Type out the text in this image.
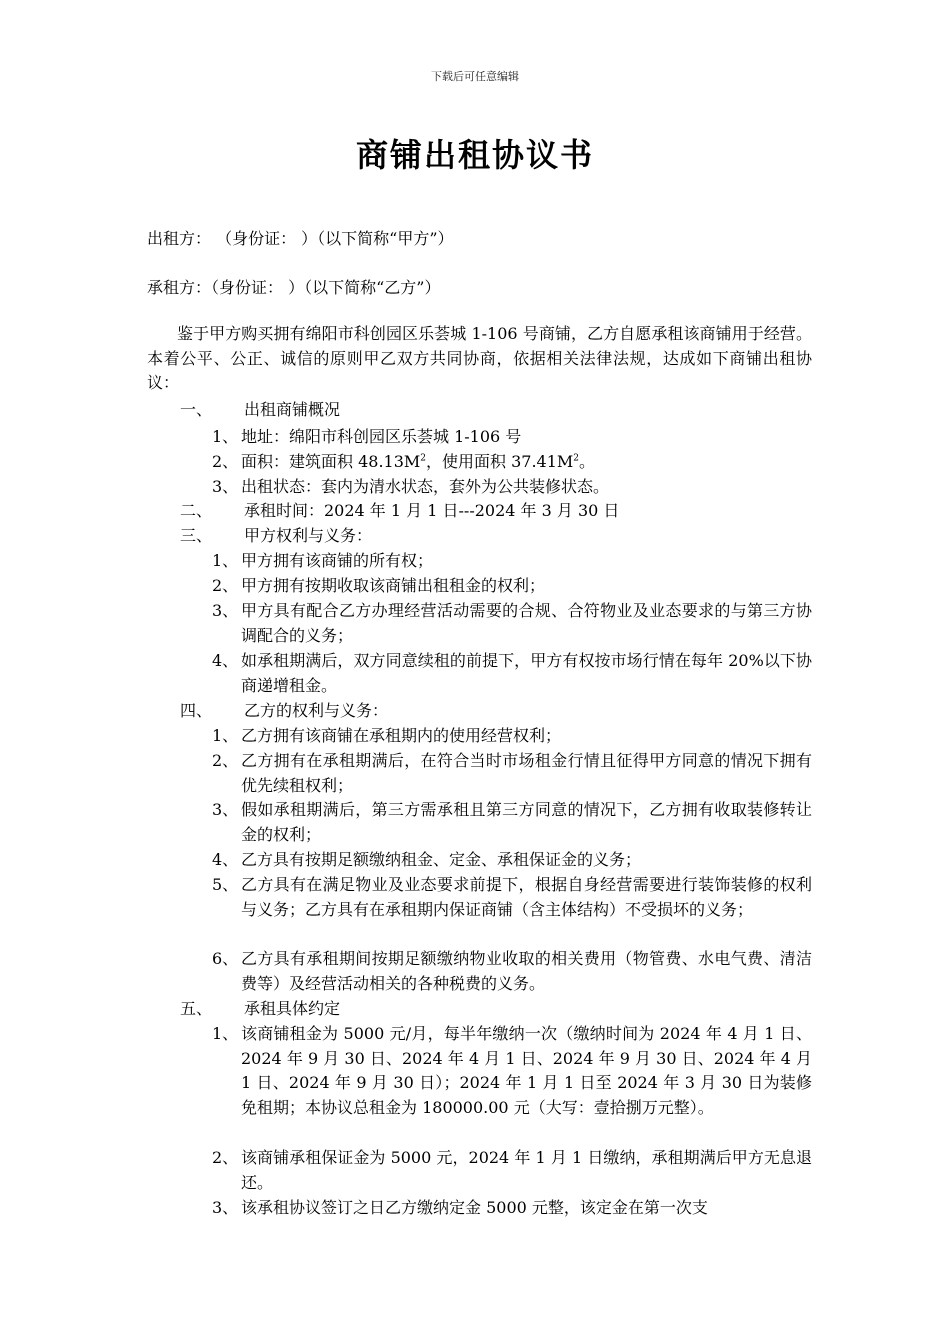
下载后可任意编辑
商铺出租协议书
出租方： （身份证： ）（以下简称“甲方”）
承租方：（身份证： ）（以下简称“乙方”）

鉴于甲方购买拥有绵阳市科创园区乐荟城 1-106 号商铺，乙方自愿承租该商铺用于经营。本着公平、公正、诚信的原则甲乙双方共同协商，依据相关法律法规，达成如下商铺出租协议：

一、 出租商铺概况
1、 地址：绵阳市科创园区乐荟城 1-106 号
2、 面积：建筑面积 $48.13M^2$，使用面积 $37.41M^2$。
3、 出租状态：套内为清水状态，套外为公共装修状态。
二、 承租时间：2024 年 1 月 1 日---2024 年 3 月 30 日
三、 甲方权利与义务：
1、 甲方拥有该商铺的所有权；
2、 甲方拥有按期收取该商铺出租租金的权利；
3、 甲方具有配合乙方办理经营活动需要的合规、合符物业及业态要求的与第三方协调配合的义务；
4、 如承租期满后，双方同意续租的前提下，甲方有权按市场行情在每年 20%以下协商递增租金。
四、 乙方的权利与义务：
1、 乙方拥有该商铺在承租期内的使用经营权利；
2、 乙方拥有在承租期满后，在符合当时市场租金行情且征得甲方同意的情况下拥有优先续租权利；
3、 假如承租期满后，第三方需承租且第三方同意的情况下，乙方拥有收取装修转让金的权利；
4、 乙方具有按期足额缴纳租金、定金、承租保证金的义务；
5、 乙方具有在满足物业及业态要求前提下，根据自身经营需要进行装饰装修的权利与义务；乙方具有在承租期内保证商铺（含主体结构）不受损坏的义务；
6、 乙方具有承租期间按期足额缴纳物业收取的相关费用（物管费、水电气费、清洁费等）及经营活动相关的各种税费的义务。
五、 承租具体约定
1、 该商铺租金为 5000 元/月，每半年缴纳一次（缴纳时间为 2024 年 4 月 1 日、2024 年 9 月 30 日、2024 年 4 月 1 日、2024 年 9 月 30 日、2024 年 4 月 1 日、2024 年 9 月 30 日）；2024 年 1 月 1 日至 2024 年 3 月 30 日为装修免租期；本协议总租金为 180000.00 元（大写：壹拾捌万元整）。
2、 该商铺承租保证金为 5000 元，2024 年 1 月 1 日缴纳，承租期满后甲方无息退还。
3、 该承租协议签订之日乙方缴纳定金 5000 元整，该定金在第一次支
